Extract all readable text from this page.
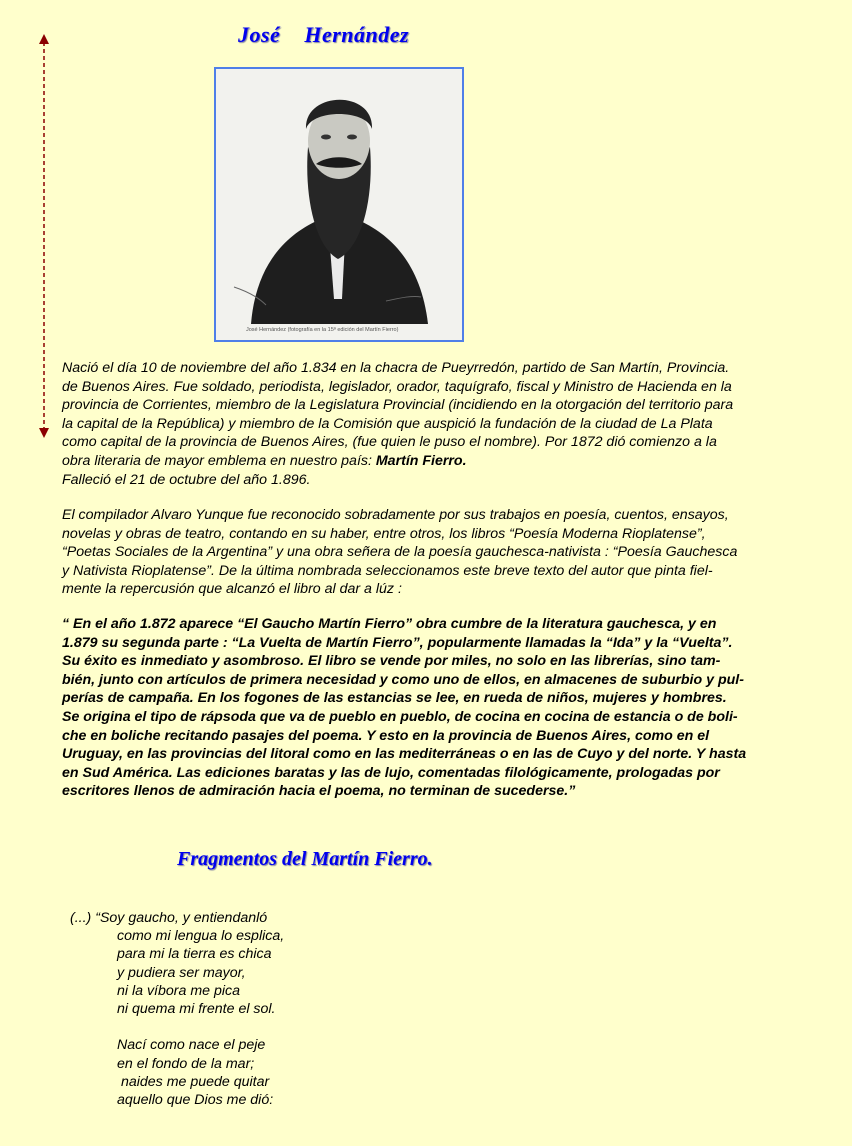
José    Hernández
José Hernández (fotografía en la 15ª edición del Martín Fierro)

Nació el día 10 de noviembre del año 1.834 en la chacra de Pueyrredón, partido de San Martín, Provincia.
de Buenos Aires. Fue soldado, periodista, legislador, orador, taquígrafo, fiscal y Ministro de Hacienda en la
provincia de Corrientes, miembro de la Legislatura Provincial (incidiendo en la otorgación del territorio para
la capital de la República) y miembro de la Comisión que auspició la fundación de la ciudad de La Plata
como capital de la provincia de Buenos Aires, (fue quien le puso el nombre). Por 1872 dió comienzo a la
obra literaria de mayor emblema en nuestro país: Martín Fierro.
Falleció el 21 de octubre del año 1.896.

El compilador Alvaro Yunque fue reconocido sobradamente por sus trabajos en poesía, cuentos, ensayos,
novelas y obras de teatro, contando en su haber, entre otros, los libros “Poesía Moderna Rioplatense”,
“Poetas Sociales de la Argentina” y una obra señera de la poesía gauchesca-nativista : “Poesía Gauchesca
y Nativista Rioplatense”. De la última nombrada seleccionamos este breve texto del autor que pinta fiel-
mente la repercusión que alcanzó el libro al dar a lúz :

“ En el año 1.872 aparece “El Gaucho Martín Fierro” obra cumbre de la literatura gauchesca, y en
1.879 su segunda parte : “La Vuelta de Martín Fierro”, popularmente llamadas la “Ida” y la “Vuelta”.
Su éxito es inmediato y asombroso. El libro se vende por miles, no solo en las librerías, sino tam-
bién, junto con artículos de primera necesidad y como uno de ellos, en almacenes de suburbio y pul-
perías de campaña. En los fogones de las estancias se lee, en rueda de niños, mujeres y hombres.
Se origina el tipo de rápsoda que va de pueblo en pueblo, de cocina en cocina de estancia o de boli-
che en boliche recitando pasajes del poema. Y esto en la provincia de Buenos Aires, como en el
Uruguay, en las provincias del litoral como en las mediterráneas o en las de Cuyo y del norte. Y hasta
en Sud América. Las ediciones baratas y las de lujo, comentadas filológicamente, prologadas por
escritores llenos de admiración hacia el poema, no terminan de sucederse.”

Fragmentos del Martín Fierro.
(...) “Soy gaucho, y entiendanló
como mi lengua lo esplica,
para mi la tierra es chica
y pudiera ser mayor,
ni la víbora me pica
ni quema mi frente el sol.

Nací como nace el peje
en el fondo de la mar;
naides me puede quitar
aquello que Dios me dió:
